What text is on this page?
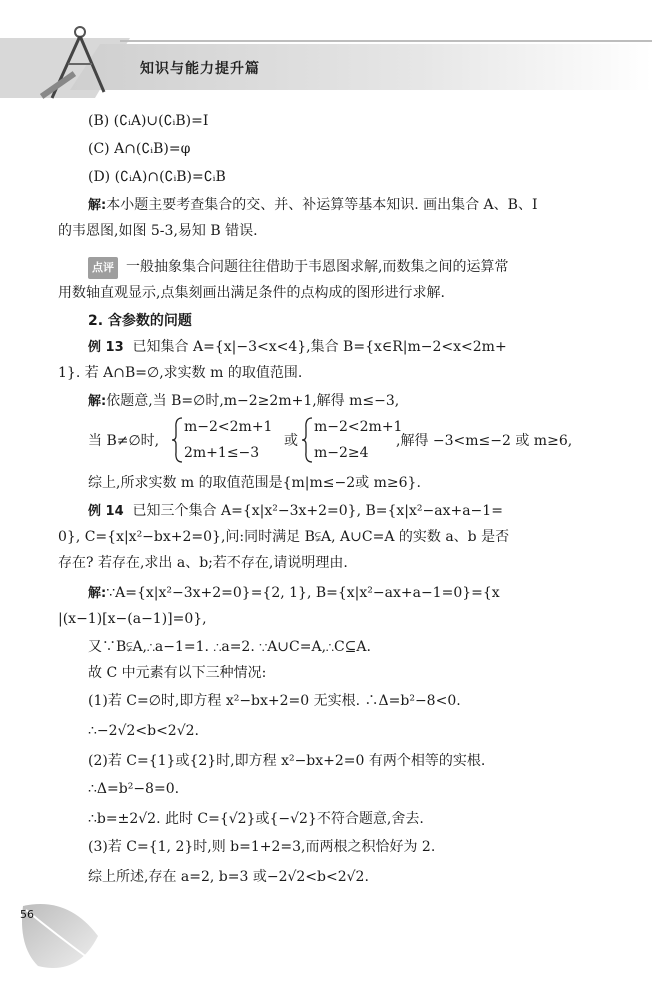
知识与能力提升篇
(B) (∁ᵢA)∪(∁ᵢB)=I
(C) A∩(∁ᵢB)=φ
(D) (∁ᵢA)∩(∁ᵢB)=∁ᵢB
解:本小题主要考查集合的交、并、补运算等基本知识. 画出集合 A、B、I
的韦恩图,如图 5-3,易知 B 错误.
点评 一般抽象集合问题往往借助于韦恩图求解,而数集之间的运算常
用数轴直观显示,点集刻画出满足条件的点构成的图形进行求解.
2. 含参数的问题
例 13 已知集合 A={x|−3<x<4},集合 B={x∈R|m−2<x<2m+
1}. 若 A∩B=∅,求实数 m 的取值范围.
解:依题意,当 B=∅时,m−2≥2m+1,解得 m≤−3,
当 B≠∅时,
m−2<2m+1
2m+1≤−3
或
m−2<2m+1
m−2≥4
,解得 −3<m≤−2 或 m≥6,
综上,所求实数 m 的取值范围是{m|m≤−2或 m≥6}.
例 14 已知三个集合 A={x|x²−3x+2=0}, B={x|x²−ax+a−1=
0}, C={x|x²−bx+2=0},问:同时满足 B⫋A, A∪C=A 的实数 a、b 是否
存在? 若存在,求出 a、b;若不存在,请说明理由.
解:∵A={x|x²−3x+2=0}={2, 1}, B={x|x²−ax+a−1=0}={x
|(x−1)[x−(a−1)]=0},
又∵B⫋A,∴a−1=1. ∴a=2. ∵A∪C=A,∴C⊆A.
故 C 中元素有以下三种情况:
(1)若 C=∅时,即方程 x²−bx+2=0 无实根. ∴Δ=b²−8<0.
∴−2√2<b<2√2.
(2)若 C={1}或{2}时,即方程 x²−bx+2=0 有两个相等的实根.
∴Δ=b²−8=0.
∴b=±2√2. 此时 C={√2}或{−√2}不符合题意,舍去.
(3)若 C={1, 2}时,则 b=1+2=3,而两根之积恰好为 2.
综上所述,存在 a=2, b=3 或−2√2<b<2√2.
56
